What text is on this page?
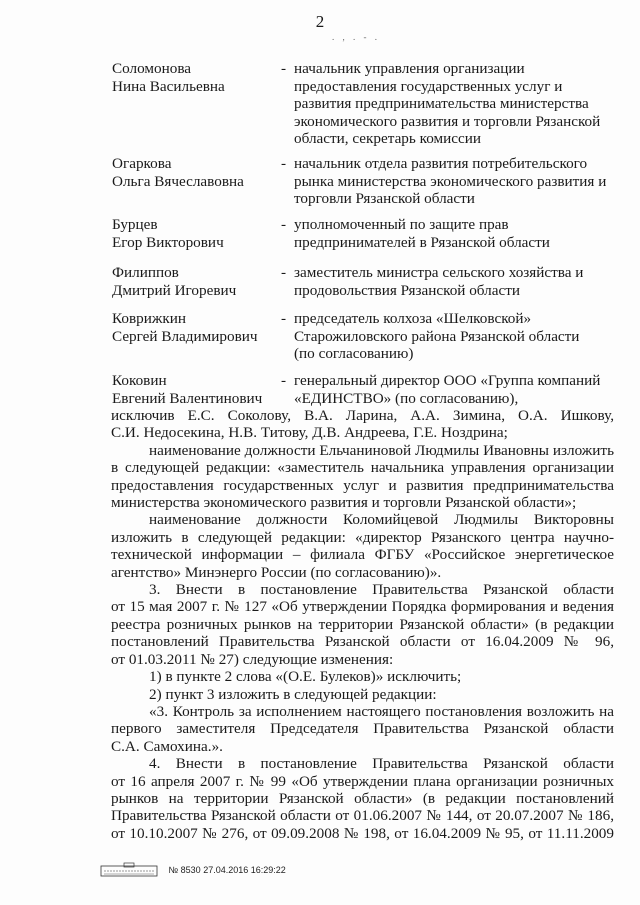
2
. , . - .
Соломонова
Нина Васильевна
- начальник управления организации
предоставления государственных услуг и
развития предпринимательства министерства
экономического развития и торговли Рязанской
области, секретарь комиссии
Огаркова
Ольга Вячеславовна
- начальник отдела развития потребительского
рынка министерства экономического развития и
торговли Рязанской области
Бурцев
Егор Викторович
- уполномоченный по защите прав
предпринимателей в Рязанской области
Филиппов
Дмитрий Игоревич
- заместитель министра сельского хозяйства и
продовольствия Рязанской области
Коврижкин
Сергей Владимирович
- председатель колхоза «Шелковской»
Старожиловского района Рязанской области
(по согласованию)
Коковин
Евгений Валентинович
- генеральный директор ООО «Группа компаний
«ЕДИНСТВО» (по согласованию),
исключив Е.С. Соколову, В.А. Ларина, А.А. Зимина, О.А. Ишкову,
С.И. Недосекина, Н.В. Титову, Д.В. Андреева, Г.Е. Ноздрина;
наименование должности Ельчаниновой Людмилы Ивановны изложить
в следующей редакции: «заместитель начальника управления организации
предоставления государственных услуг и развития предпринимательства
министерства экономического развития и торговли Рязанской области»;
наименование должности Коломийцевой Людмилы Викторовны
изложить в следующей редакции: «директор Рязанского центра научно-
технической информации – филиала ФГБУ «Российское энергетическое
агентство» Минэнерго России (по согласованию)».
3. Внести в постановление Правительства Рязанской области
от 15 мая 2007 г. № 127 «Об утверждении Порядка формирования и ведения
реестра розничных рынков на территории Рязанской области» (в редакции
постановлений Правительства Рязанской области от 16.04.2009 № 96,
от 01.03.2011 № 27) следующие изменения:
1) в пункте 2 слова «(О.Е. Булеков)» исключить;
2) пункт 3 изложить в следующей редакции:
«3. Контроль за исполнением настоящего постановления возложить на
первого заместителя Председателя Правительства Рязанской области
С.А. Самохина.».
4. Внести в постановление Правительства Рязанской области
от 16 апреля 2007 г. № 99 «Об утверждении плана организации розничных
рынков на территории Рязанской области» (в редакции постановлений
Правительства Рязанской области от 01.06.2007 № 144, от 20.07.2007 № 186,
от 10.10.2007 № 276, от 09.09.2008 № 198, от 16.04.2009 № 95, от 11.11.2009
№ 8530 27.04.2016 16:29:22
